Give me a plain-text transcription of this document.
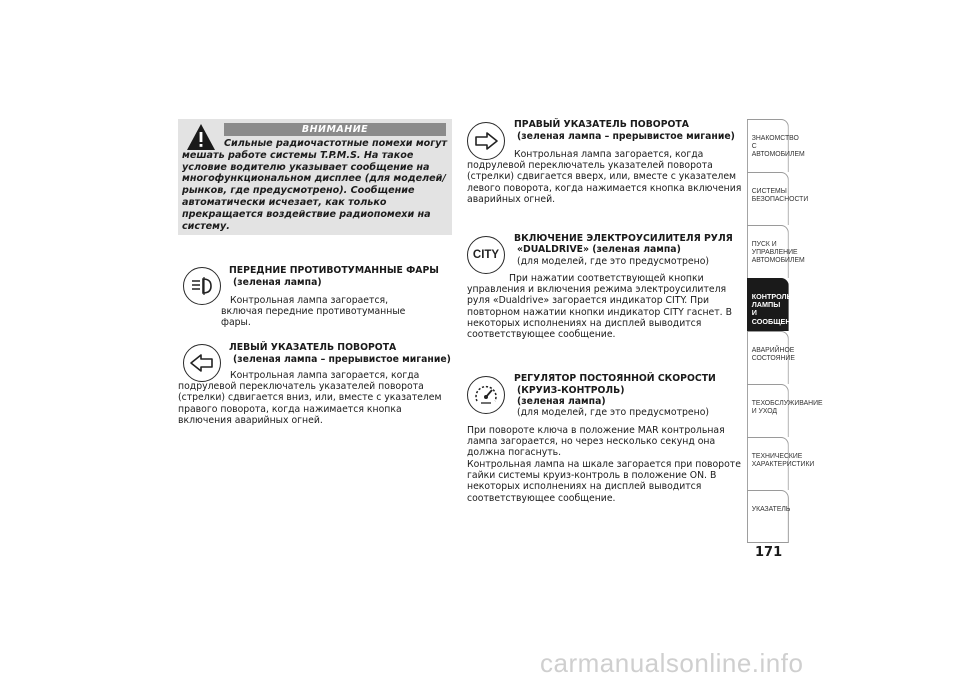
ВНИМАНИЕ
Сильные радиочастотные помехи могут мешать работе системы T.P.M.S. На такое условие водителю указывает сообщение на многофункциональном дисплее (для моделей/рынков, где предусмотрено). Сообщение автоматически исчезает, как только прекращается воздействие радиопомехи на систему.
ПЕРЕДНИЕ ПРОТИВОТУМАННЫЕ ФАРЫ
(зеленая лампа)
Контрольная лампа загорается, включая передние противотуманные фары.
ЛЕВЫЙ УКАЗАТЕЛЬ ПОВОРОТА
(зеленая лампа – прерывистое мигание)
Контрольная лампа загорается, когда подрулевой переключатель указателей поворота (стрелки) сдвигается вниз, или, вместе с указателем правого поворота, когда нажимается кнопка включения аварийных огней.
ПРАВЫЙ УКАЗАТЕЛЬ ПОВОРОТА
(зеленая лампа – прерывистое мигание)
Контрольная лампа загорается, когда подрулевой переключатель указателей поворота (стрелки) сдвигается вверх, или, вместе с указателем левого поворота, когда нажимается кнопка включения аварийных огней.
CITY
ВКЛЮЧЕНИЕ ЭЛЕКТРОУСИЛИТЕЛЯ РУЛЯ
«DUALDRIVE» (зеленая лампа)
(для моделей, где это предусмотрено)
При нажатии соответствующей кнопки управления и включения режима электроусилителя руля «Dualdrive» загорается индикатор CITY. При повторном нажатии кнопки индикатор CITY гаснет. В некоторых исполнениях на дисплей выводится соответствующее сообщение.
РЕГУЛЯТОР ПОСТОЯННОЙ СКОРОСТИ
(КРУИЗ-КОНТРОЛЬ)
(зеленая лампа)
(для моделей, где это предусмотрено)
При повороте ключа в положение MAR контрольная лампа загорается, но через несколько секунд она должна погаснуть.
Контрольная лампа на шкале загорается при повороте гайки системы круиз-контроль в положение ON. В некоторых исполнениях на дисплей выводится соответствующее сообщение.
ЗНАКОМСТВО С АВТОМОБИЛЕМ
СИСТЕМЫ БЕЗОПАСНОСТИ
ПУСК И УПРАВЛЕНИЕ АВТОМОБИЛЕМ
КОНТРОЛЬНЫЕ ЛАМПЫ И СООБЩЕНИЯ
АВАРИЙНОЕ СОСТОЯНИЕ
ТЕХОБСЛУЖИВАНИЕ И УХОД
ТЕХНИЧЕСКИЕ ХАРАКТЕРИСТИКИ
УКАЗАТЕЛЬ
171
carmanualsonline.info
